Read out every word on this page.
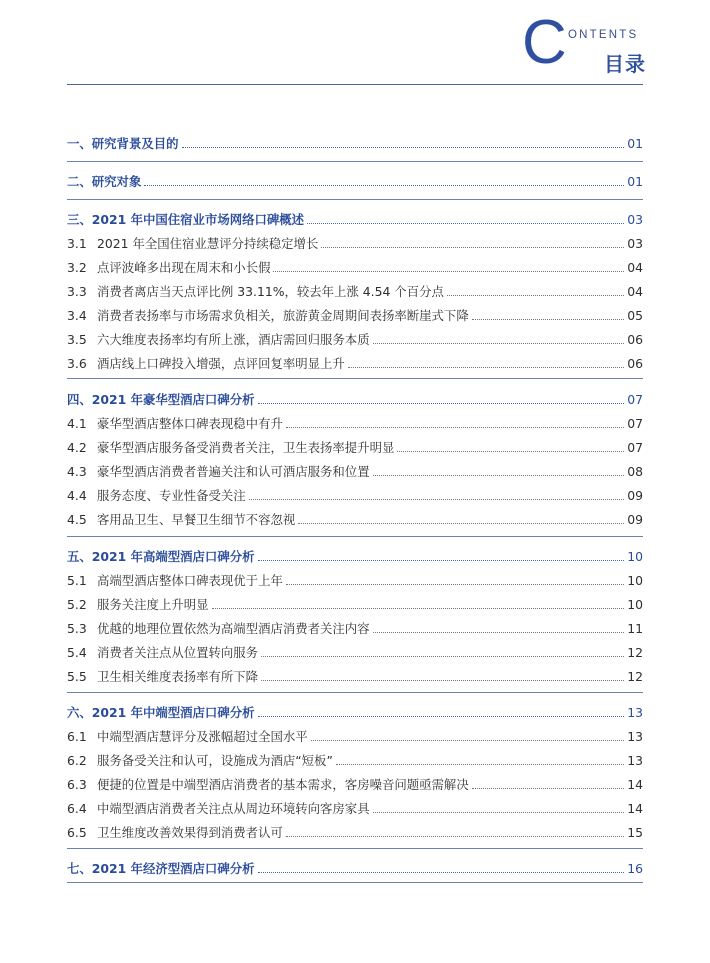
C ONTENTS
目录
一、研究背景及目的	01
二、研究对象	01
三、2021 年中国住宿业市场网络口碑概述	03
3.1 2021 年全国住宿业慧评分持续稳定增长	03
3.2 点评波峰多出现在周末和小长假	04
3.3 消费者离店当天点评比例 33.11%，较去年上涨 4.54 个百分点	04
3.4 消费者表扬率与市场需求负相关，旅游黄金周期间表扬率断崖式下降	05
3.5 六大维度表扬率均有所上涨，酒店需回归服务本质	06
3.6 酒店线上口碑投入增强，点评回复率明显上升	06
四、2021 年豪华型酒店口碑分析	07
4.1 豪华型酒店整体口碑表现稳中有升	07
4.2 豪华型酒店服务备受消费者关注，卫生表扬率提升明显	07
4.3 豪华型酒店消费者普遍关注和认可酒店服务和位置	08
4.4 服务态度、专业性备受关注	09
4.5 客用品卫生、早餐卫生细节不容忽视	09
五、2021 年高端型酒店口碑分析	10
5.1 高端型酒店整体口碑表现优于上年	10
5.2 服务关注度上升明显	10
5.3 优越的地理位置依然为高端型酒店消费者关注内容	11
5.4 消费者关注点从位置转向服务	12
5.5 卫生相关维度表扬率有所下降	12
六、2021 年中端型酒店口碑分析	13
6.1 中端型酒店慧评分及涨幅超过全国水平	13
6.2 服务备受关注和认可，设施成为酒店“短板”	13
6.3 便捷的位置是中端型酒店消费者的基本需求，客房噪音问题亟需解决	14
6.4 中端型酒店消费者关注点从周边环境转向客房家具	14
6.5 卫生维度改善效果得到消费者认可	15
七、2021 年经济型酒店口碑分析	16
